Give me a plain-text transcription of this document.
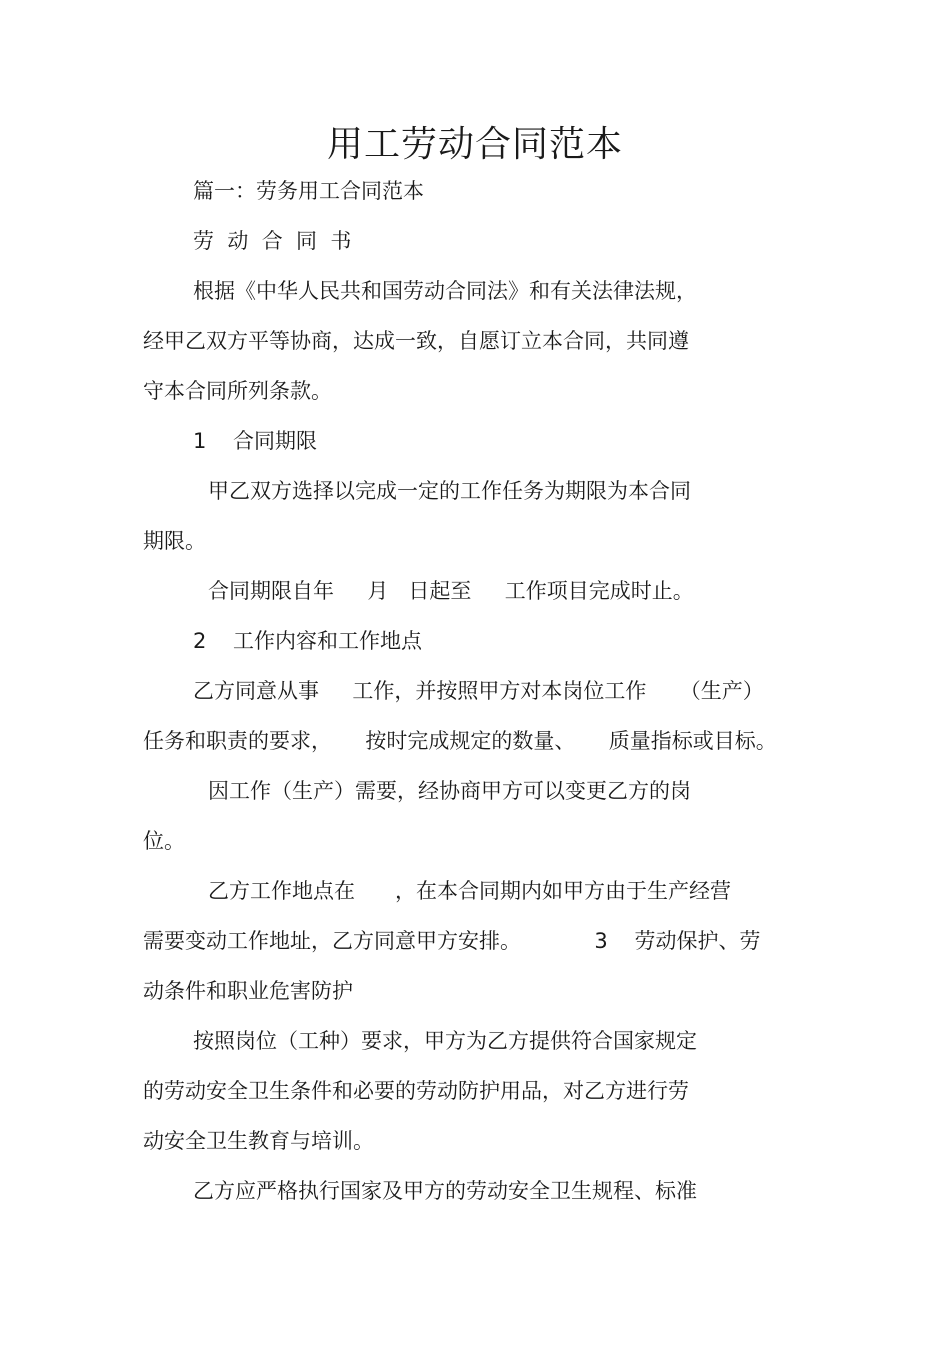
用工劳动合同范本
篇一：劳务用工合同范本
劳  动  合  同  书
根据《中华人民共和国劳动合同法》和有关法律法规，
经甲乙双方平等协商，达成一致，自愿订立本合同，共同遵
守本合同所列条款。
1    合同期限
甲乙双方选择以完成一定的工作任务为期限为本合同
期限。
合同期限自年     月   日起至     工作项目完成时止。
2    工作内容和工作地点
乙方同意从事     工作，并按照甲方对本岗位工作     （生产）
任务和职责的要求，     按时完成规定的数量、     质量指标或目标。
因工作（生产）需要，经协商甲方可以变更乙方的岗
位。
乙方工作地点在      ，在本合同期内如甲方由于生产经营
需要变动工作地址，乙方同意甲方安排。           3    劳动保护、劳
动条件和职业危害防护
按照岗位（工种）要求，甲方为乙方提供符合国家规定
的劳动安全卫生条件和必要的劳动防护用品，对乙方进行劳
动安全卫生教育与培训。
乙方应严格执行国家及甲方的劳动安全卫生规程、标准
